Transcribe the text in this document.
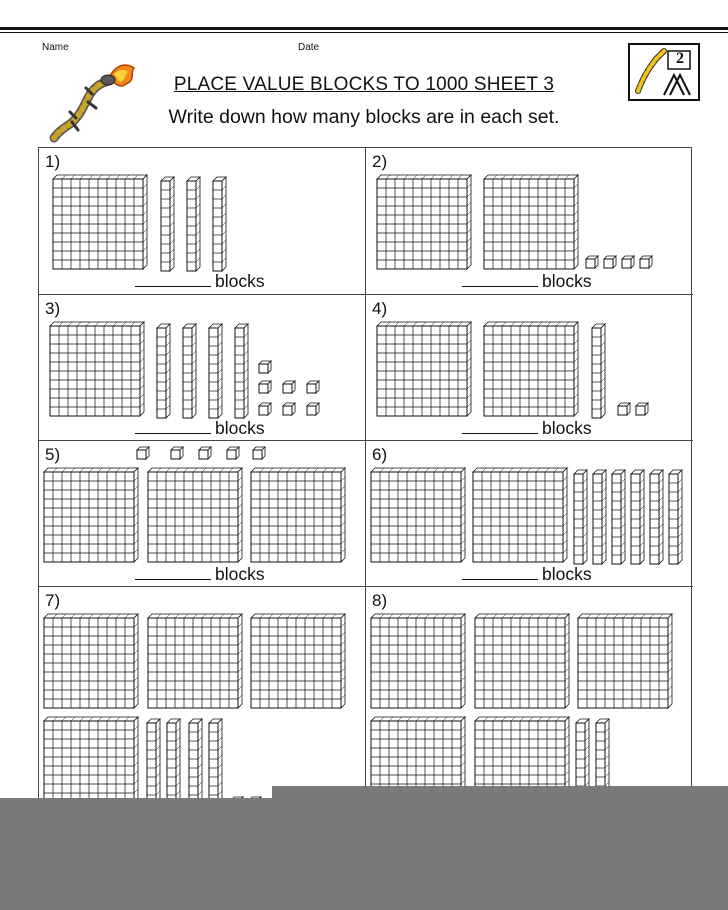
Name	Date
PLACE VALUE BLOCKS TO 1000 SHEET 3
Write down how many blocks are in each set.
2
1)
blocks
2)
blocks
3)
blocks
4)
blocks
5)
blocks
6)
blocks
7)	8)
